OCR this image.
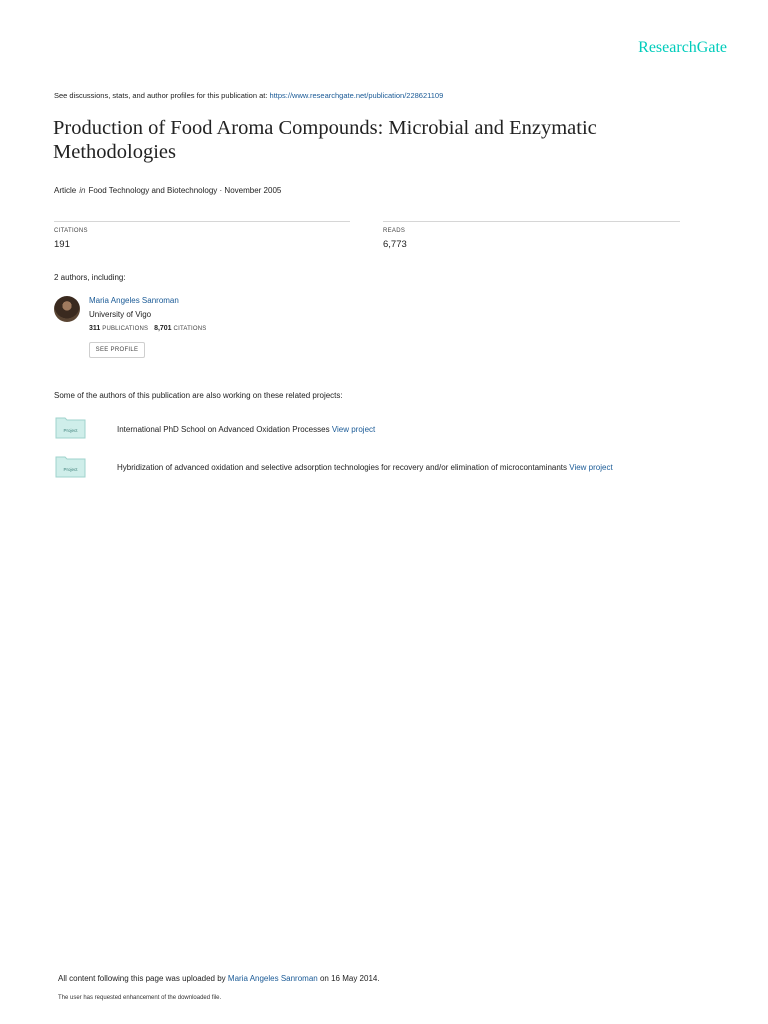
ResearchGate
See discussions, stats, and author profiles for this publication at: https://www.researchgate.net/publication/228621109
Production of Food Aroma Compounds: Microbial and Enzymatic Methodologies
Article in Food Technology and Biotechnology · November 2005
CITATIONS
191
READS
6,773
2 authors, including:
Maria Angeles Sanroman
University of Vigo
311 PUBLICATIONS 8,701 CITATIONS
SEE PROFILE
Some of the authors of this publication are also working on these related projects:
Project	International PhD School on Advanced Oxidation Processes View project
Project	Hybridization of advanced oxidation and selective adsorption technologies for recovery and/or elimination of microcontaminants View project
All content following this page was uploaded by Maria Angeles Sanroman on 16 May 2014.
The user has requested enhancement of the downloaded file.
